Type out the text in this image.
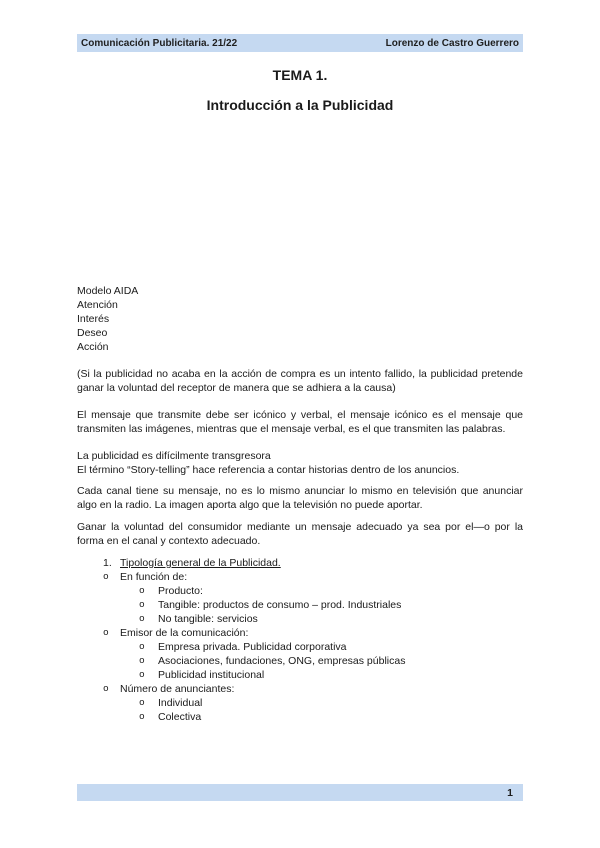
Comunicación Publicitaria. 21/22	Lorenzo de Castro Guerrero
TEMA 1.
Introducción a la Publicidad
Modelo AIDA
Atención
Interés
Deseo
Acción

(Si la publicidad no acaba en la acción de compra es un intento fallido, la publicidad pretende ganar la voluntad del receptor de manera que se adhiera a la causa)

El mensaje que transmite debe ser icónico y verbal, el mensaje icónico es el mensaje que transmiten las imágenes, mientras que el mensaje verbal, es el que transmiten las palabras.

La publicidad es difícilmente transgresora
El término “Story-telling” hace referencia a contar historias dentro de los anuncios.

Cada canal tiene su mensaje, no es lo mismo anunciar lo mismo en televisión que anunciar algo en la radio. La imagen aporta algo que la televisión no puede aportar.

Ganar la voluntad del consumidor mediante un mensaje adecuado ya sea por el—o por la forma en el canal y contexto adecuado.

1. Tipología general de la Publicidad.
o	En función de:
o	Producto:
o	Tangible: productos de consumo – prod. Industriales
o	No tangible: servicios
o	Emisor de la comunicación:
o	Empresa privada. Publicidad corporativa
o	Asociaciones, fundaciones, ONG, empresas públicas
o	Publicidad institucional
o	Número de anunciantes:
o	Individual
o	Colectiva
1
